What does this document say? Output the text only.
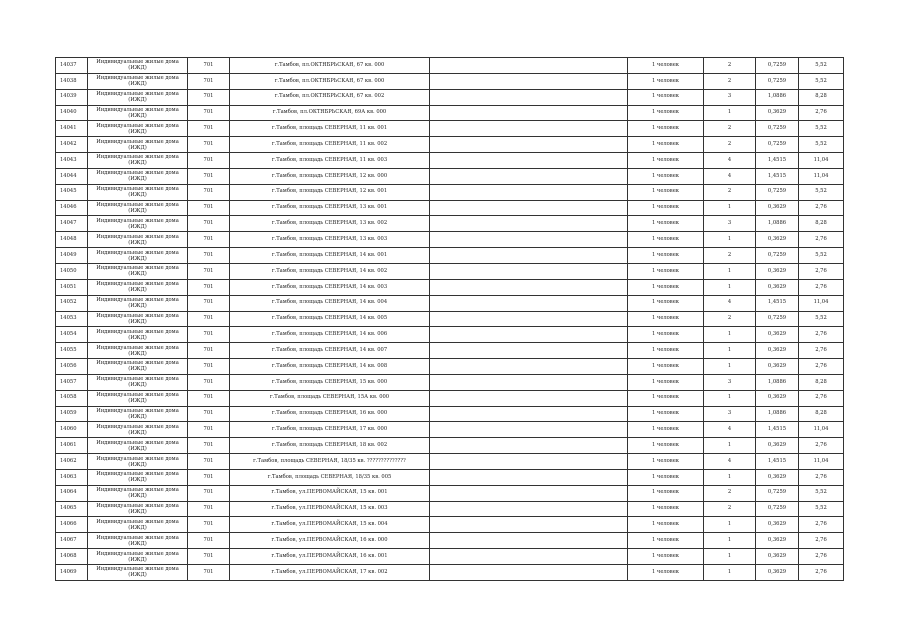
14037	Индивидуальные жилые дома (ИЖД)	701	г.Тамбов, пл.ОКТЯБРЬСКАЯ, 67 кв. 000		1 человек	2	0,7259	5,52
14038	Индивидуальные жилые дома (ИЖД)	701	г.Тамбов, пл.ОКТЯБРЬСКАЯ, 67 кв. 000		1 человек	2	0,7259	5,52
14039	Индивидуальные жилые дома (ИЖД)	701	г.Тамбов, пл.ОКТЯБРЬСКАЯ, 67 кв. 002		1 человек	3	1,0886	8,28
14040	Индивидуальные жилые дома (ИЖД)	701	г.Тамбов, пл.ОКТЯБРЬСКАЯ, 69А кв. 000		1 человек	1	0,3629	2,76
14041	Индивидуальные жилые дома (ИЖД)	701	г.Тамбов, площадь СЕВЕРНАЯ, 11 кв. 001		1 человек	2	0,7259	5,52
14042	Индивидуальные жилые дома (ИЖД)	701	г.Тамбов, площадь СЕВЕРНАЯ, 11 кв. 002		1 человек	2	0,7259	5,52
14043	Индивидуальные жилые дома (ИЖД)	701	г.Тамбов, площадь СЕВЕРНАЯ, 11 кв. 003		1 человек	4	1,4515	11,04
14044	Индивидуальные жилые дома (ИЖД)	701	г.Тамбов, площадь СЕВЕРНАЯ, 12 кв. 000		1 человек	4	1,4515	11,04
14045	Индивидуальные жилые дома (ИЖД)	701	г.Тамбов, площадь СЕВЕРНАЯ, 12 кв. 001		1 человек	2	0,7259	5,52
14046	Индивидуальные жилые дома (ИЖД)	701	г.Тамбов, площадь СЕВЕРНАЯ, 13 кв. 001		1 человек	1	0,3629	2,76
14047	Индивидуальные жилые дома (ИЖД)	701	г.Тамбов, площадь СЕВЕРНАЯ, 13 кв. 002		1 человек	3	1,0886	8,28
14048	Индивидуальные жилые дома (ИЖД)	701	г.Тамбов, площадь СЕВЕРНАЯ, 13 кв. 003		1 человек	1	0,3629	2,76
14049	Индивидуальные жилые дома (ИЖД)	701	г.Тамбов, площадь СЕВЕРНАЯ, 14 кв. 001		1 человек	2	0,7259	5,52
14050	Индивидуальные жилые дома (ИЖД)	701	г.Тамбов, площадь СЕВЕРНАЯ, 14 кв. 002		1 человек	1	0,3629	2,76
14051	Индивидуальные жилые дома (ИЖД)	701	г.Тамбов, площадь СЕВЕРНАЯ, 14 кв. 003		1 человек	1	0,3629	2,76
14052	Индивидуальные жилые дома (ИЖД)	701	г.Тамбов, площадь СЕВЕРНАЯ, 14 кв. 004		1 человек	4	1,4515	11,04
14053	Индивидуальные жилые дома (ИЖД)	701	г.Тамбов, площадь СЕВЕРНАЯ, 14 кв. 005		1 человек	2	0,7259	5,52
14054	Индивидуальные жилые дома (ИЖД)	701	г.Тамбов, площадь СЕВЕРНАЯ, 14 кв. 006		1 человек	1	0,3629	2,76
14055	Индивидуальные жилые дома (ИЖД)	701	г.Тамбов, площадь СЕВЕРНАЯ, 14 кв. 007		1 человек	1	0,3629	2,76
14056	Индивидуальные жилые дома (ИЖД)	701	г.Тамбов, площадь СЕВЕРНАЯ, 14 кв. 008		1 человек	1	0,3629	2,76
14057	Индивидуальные жилые дома (ИЖД)	701	г.Тамбов, площадь СЕВЕРНАЯ, 15 кв. 000		1 человек	3	1,0886	8,28
14058	Индивидуальные жилые дома (ИЖД)	701	г.Тамбов, площадь СЕВЕРНАЯ, 15А кв. 000		1 человек	1	0,3629	2,76
14059	Индивидуальные жилые дома (ИЖД)	701	г.Тамбов, площадь СЕВЕРНАЯ, 16 кв. 000		1 человек	3	1,0886	8,28
14060	Индивидуальные жилые дома (ИЖД)	701	г.Тамбов, площадь СЕВЕРНАЯ, 17 кв. 000		1 человек	4	1,4515	11,04
14061	Индивидуальные жилые дома (ИЖД)	701	г.Тамбов, площадь СЕВЕРНАЯ, 18 кв. 002		1 человек	1	0,3629	2,76
14062	Индивидуальные жилые дома (ИЖД)	701	г.Тамбов, площадь СЕВЕРНАЯ, 18/35 кв. ??????????????		1 человек	4	1,4515	11,04
14063	Индивидуальные жилые дома (ИЖД)	701	г.Тамбов, площадь СЕВЕРНАЯ, 18/35 кв. 005		1 человек	1	0,3629	2,76
14064	Индивидуальные жилые дома (ИЖД)	701	г.Тамбов, ул.ПЕРВОМАЙСКАЯ, 15 кв. 001		1 человек	2	0,7259	5,52
14065	Индивидуальные жилые дома (ИЖД)	701	г.Тамбов, ул.ПЕРВОМАЙСКАЯ, 15 кв. 003		1 человек	2	0,7259	5,52
14066	Индивидуальные жилые дома (ИЖД)	701	г.Тамбов, ул.ПЕРВОМАЙСКАЯ, 15 кв. 004		1 человек	1	0,3629	2,76
14067	Индивидуальные жилые дома (ИЖД)	701	г.Тамбов, ул.ПЕРВОМАЙСКАЯ, 16 кв. 000		1 человек	1	0,3629	2,76
14068	Индивидуальные жилые дома (ИЖД)	701	г.Тамбов, ул.ПЕРВОМАЙСКАЯ, 16 кв. 001		1 человек	1	0,3629	2,76
14069	Индивидуальные жилые дома (ИЖД)	701	г.Тамбов, ул.ПЕРВОМАЙСКАЯ, 17 кв. 002		1 человек	1	0,3629	2,76
